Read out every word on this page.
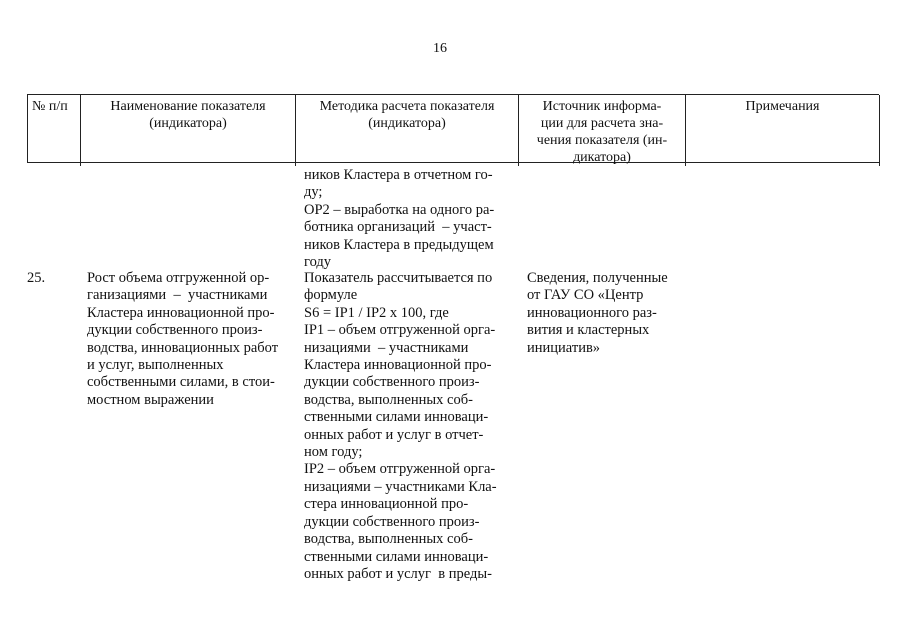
16
№ п/п	Наименование показателя
(индикатора)
Методика расчета показателя
(индикатора)
Источник информа-
ции для расчета зна-
чения показателя (ин-
дикатора)
Примечания
ников Кластера в отчетном го-
ду;
OP2 – выработка на одного ра-
ботника организаций  – участ-
ников Кластера в предыдущем
году
25.	Рост объема отгруженной ор-
ганизациями  –  участниками
Кластера инновационной про-
дукции собственного произ-
водства, инновационных работ
и услуг, выполненных
собственными силами, в стои-
мостном выражении
Показатель рассчитывается по
формуле
S6 = IP1 / IP2 x 100, где
IP1 – объем отгруженной орга-
низациями  – участниками
Кластера инновационной про-
дукции собственного произ-
водства, выполненных соб-
ственными силами инноваци-
онных работ и услуг в отчет-
ном году;
IP2 – объем отгруженной орга-
низациями – участниками Кла-
стера инновационной про-
дукции собственного произ-
водства, выполненных соб-
ственными силами инноваци-
онных работ и услуг  в преды-
Сведения, полученные
от ГАУ СО «Центр
инновационного раз-
вития и кластерных
инициатив»
